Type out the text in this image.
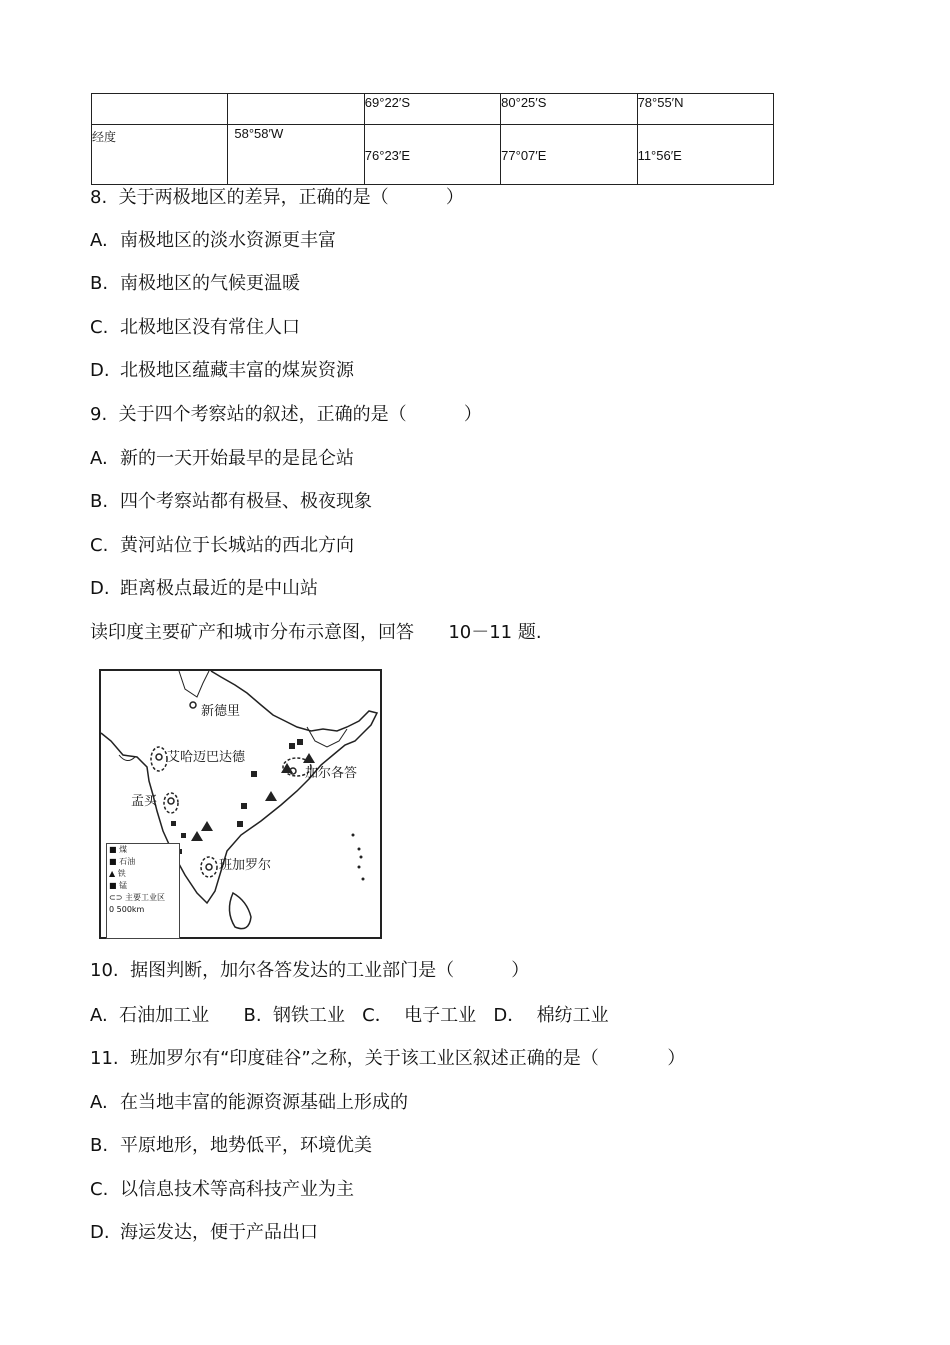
		69°22′S	80°25′S	78°55′N

经度	58°58′W	76°23′E	77°07′E	11°56′E
8.  关于两极地区的差异，正确的是（          ）
A. 南极地区的淡水资源更丰富
B. 南极地区的气候更温暖
C. 北极地区没有常住人口
D. 北极地区蕴藏丰富的煤炭资源
9.  关于四个考察站的叙述，正确的是（          ）
A. 新的一天开始最早的是昆仑站
B. 四个考察站都有极昼、极夜现象
C. 黄河站位于长城站的西北方向
D. 距离极点最近的是中山站
读印度主要矿产和城市分布示意图，回答      10－11 题.
新德里
艾哈迈巴达德
加尔各答
孟买
班加罗尔
■ 煤
■ 石油
▲ 铁
■ 锰
⊂⊃ 主要工业区
0 500km
10.  据图判断，加尔各答发达的工业部门是（          ）
A.  石油加工业      B.  钢铁工业   C．  电子工业   D．  棉纺工业
11.  班加罗尔有“印度硅谷”之称，关于该工业区叙述正确的是（            ）
A. 在当地丰富的能源资源基础上形成的
B. 平原地形，地势低平，环境优美
C. 以信息技术等高科技产业为主
D. 海运发达，便于产品出口
